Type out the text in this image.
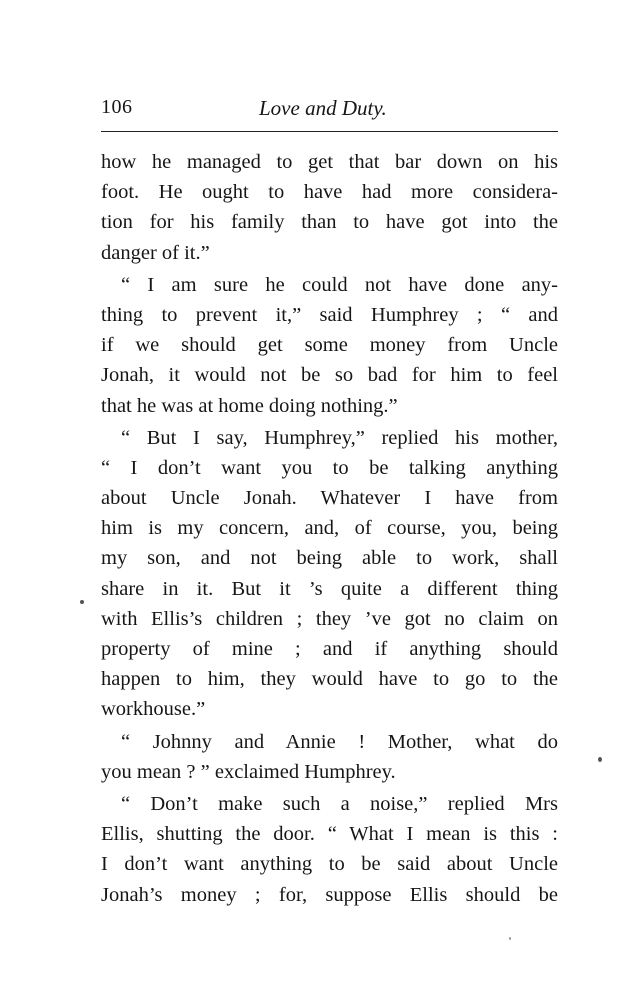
106	Love and Duty.
how he managed to get that bar down on his
foot. He ought to have had more considera-
tion for his family than to have got into the
danger of it.”
“ I am sure he could not have done any-
thing to prevent it,” said Humphrey ; “ and
if we should get some money from Uncle
Jonah, it would not be so bad for him to feel
that he was at home doing nothing.”
“ But I say, Humphrey,” replied his mother,
“ I don’t want you to be talking anything
about Uncle Jonah. Whatever I have from
him is my concern, and, of course, you, being
my son, and not being able to work, shall
share in it. But it ’s quite a different thing
with Ellis’s children ; they ’ve got no claim on
property of mine ; and if anything should
happen to him, they would have to go to the
workhouse.”
“ Johnny and Annie ! Mother, what do
you mean ? ” exclaimed Humphrey.
“ Don’t make such a noise,” replied Mrs
Ellis, shutting the door. “ What I mean is this :
I don’t want anything to be said about Uncle
Jonah’s money ; for, suppose Ellis should be
